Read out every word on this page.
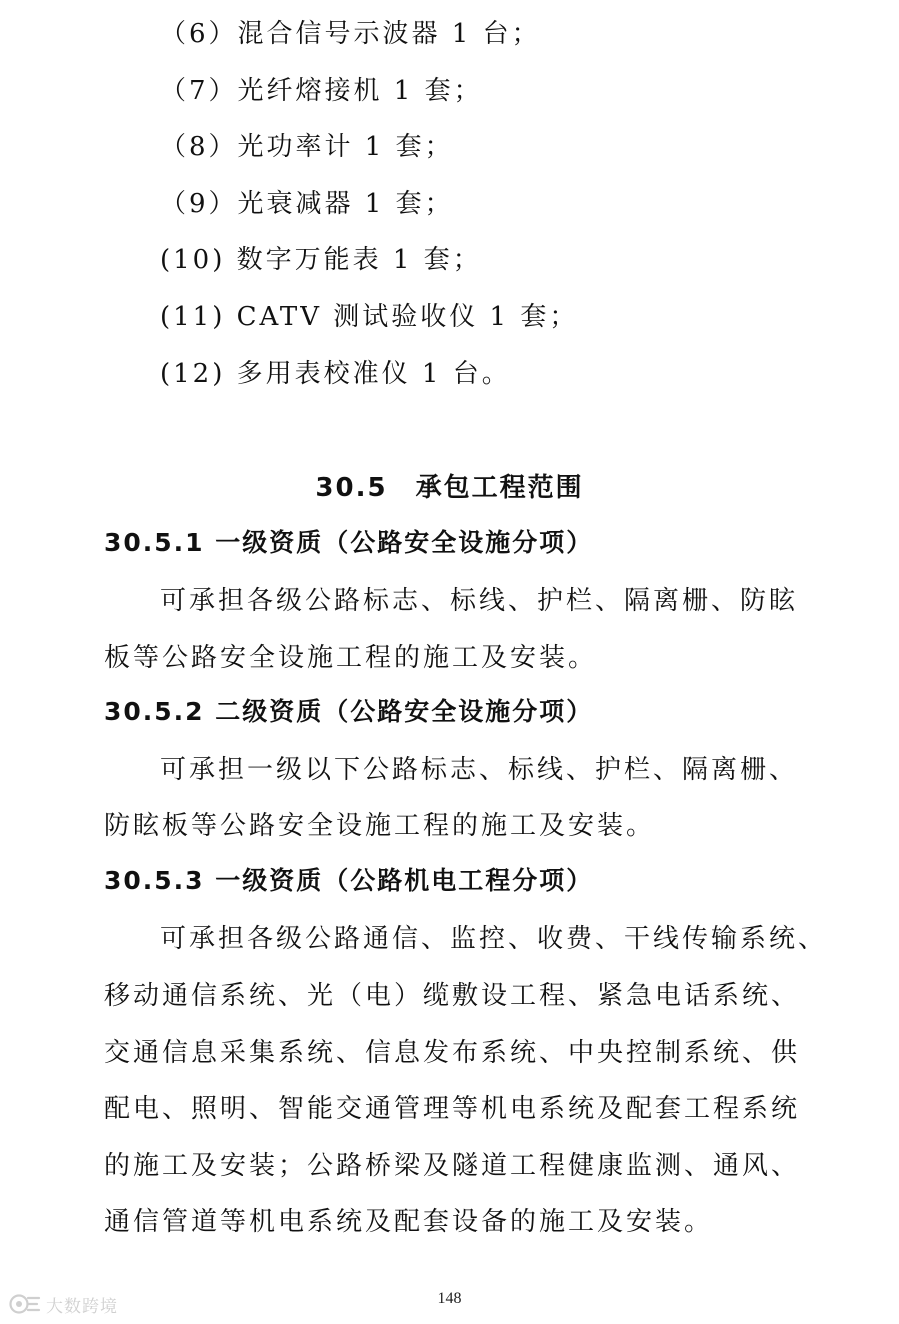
（6）混合信号示波器 1 台；
（7）光纤熔接机 1 套；
（8）光功率计 1 套；
（9）光衰减器 1 套；
(10) 数字万能表 1 套；
(11) CATV 测试验收仪 1 套；
(12) 多用表校准仪 1 台。
30.5　承包工程范围
30.5.1 一级资质（公路安全设施分项）
可承担各级公路标志、标线、护栏、隔离栅、防眩
板等公路安全设施工程的施工及安装。
30.5.2 二级资质（公路安全设施分项）
可承担一级以下公路标志、标线、护栏、隔离栅、
防眩板等公路安全设施工程的施工及安装。
30.5.3 一级资质（公路机电工程分项）
可承担各级公路通信、监控、收费、干线传输系统、
移动通信系统、光（电）缆敷设工程、紧急电话系统、
交通信息采集系统、信息发布系统、中央控制系统、供
配电、照明、智能交通管理等机电系统及配套工程系统
的施工及安装；公路桥梁及隧道工程健康监测、通风、
通信管道等机电系统及配套设备的施工及安装。
148
大数跨境
